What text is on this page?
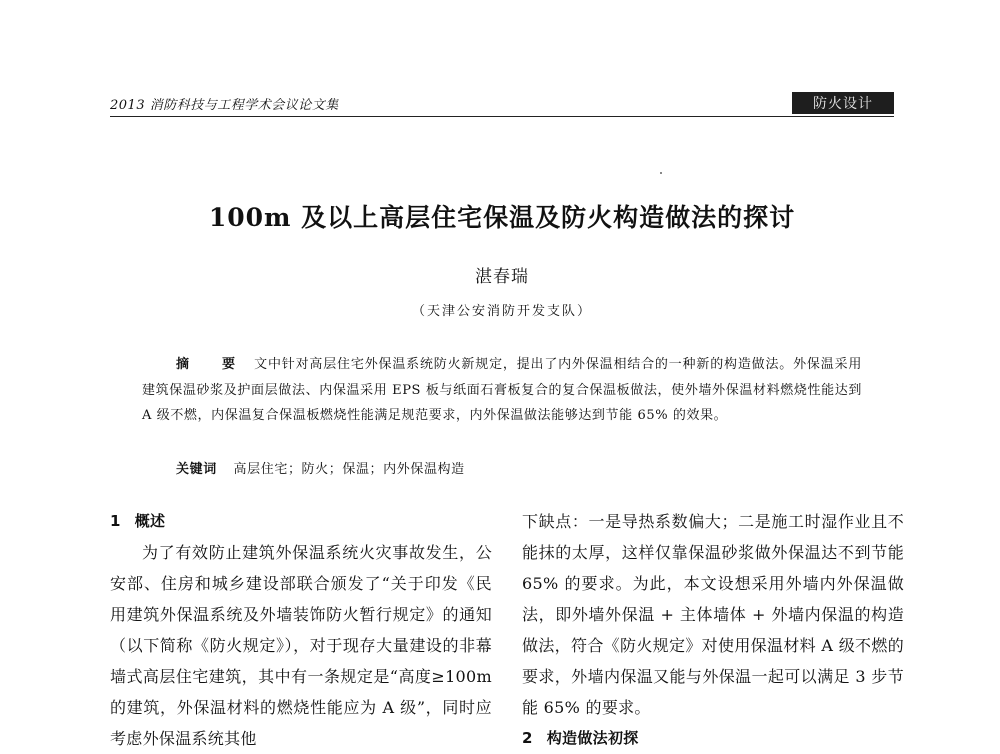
2013 消防科技与工程学术会议论文集	防火设计
100m 及以上高层住宅保温及防火构造做法的探讨
湛春瑞
（天津公安消防开发支队）
摘 要 文中针对高层住宅外保温系统防火新规定，提出了内外保温相结合的一种新的构造做法。外保温采用建筑保温砂浆及护面层做法、内保温采用 EPS 板与纸面石膏板复合的复合保温板做法，使外墙外保温材料燃烧性能达到 A 级不燃，内保温复合保温板燃烧性能满足规范要求，内外保温做法能够达到节能 65% 的效果。
关键词 高层住宅；防火；保温；内外保温构造
1 概述

为了有效防止建筑外保温系统火灾事故发生，公安部、住房和城乡建设部联合颁发了“关于印发《民用建筑外保温系统及外墙装饰防火暂行规定》的通知（以下简称《防火规定》），对于现存大量建设的非幕墙式高层住宅建筑，其中有一条规定是“高度≥100m 的建筑，外保温材料的燃烧性能应为 A 级”，同时应考虑外保温系统其他

下缺点：一是导热系数偏大；二是施工时湿作业且不能抹的太厚，这样仅靠保温砂浆做外保温达不到节能 65% 的要求。为此，本文设想采用外墙内外保温做法，即外墙外保温 + 主体墙体 + 外墙内保温的构造做法，符合《防火规定》对使用保温材料 A 级不燃的要求，外墙内保温又能与外保温一起可以满足 3 步节能 65% 的要求。

2 构造做法初探
